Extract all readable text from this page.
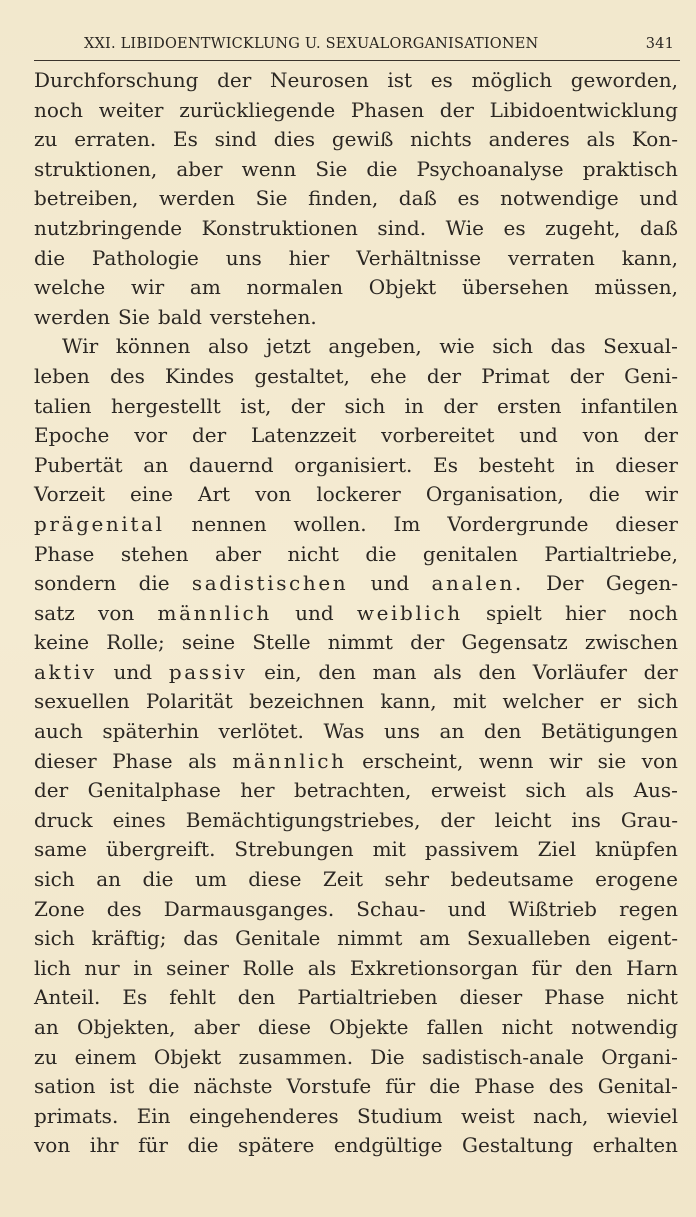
XXI. LIBIDOENTWICKLUNG U. SEXUALORGANISATIONEN	341
Durchforschung der Neurosen ist es möglich geworden,
noch weiter zurückliegende Phasen der Libidoentwicklung
zu erraten. Es sind dies gewiß nichts anderes als Kon-
struktionen, aber wenn Sie die Psychoanalyse praktisch
betreiben, werden Sie finden, daß es notwendige und
nutzbringende Konstruktionen sind. Wie es zugeht, daß
die Pathologie uns hier Verhältnisse verraten kann,
welche wir am normalen Objekt übersehen müssen,
werden Sie bald verstehen.
Wir können also jetzt angeben, wie sich das Sexual-
leben des Kindes gestaltet, ehe der Primat der Geni-
talien hergestellt ist, der sich in der ersten infantilen
Epoche vor der Latenzzeit vorbereitet und von der
Pubertät an dauernd organisiert. Es besteht in dieser
Vorzeit eine Art von lockerer Organisation, die wir
prägenital nennen wollen. Im Vordergrunde dieser
Phase stehen aber nicht die genitalen Partialtriebe,
sondern die sadistischen und analen. Der Gegen-
satz von männlich und weiblich spielt hier noch
keine Rolle; seine Stelle nimmt der Gegensatz zwischen
aktiv und passiv ein, den man als den Vorläufer der
sexuellen Polarität bezeichnen kann, mit welcher er sich
auch späterhin verlötet. Was uns an den Betätigungen
dieser Phase als männlich erscheint, wenn wir sie von
der Genitalphase her betrachten, erweist sich als Aus-
druck eines Bemächtigungstriebes, der leicht ins Grau-
same übergreift. Strebungen mit passivem Ziel knüpfen
sich an die um diese Zeit sehr bedeutsame erogene
Zone des Darmausganges. Schau- und Wißtrieb regen
sich kräftig; das Genitale nimmt am Sexualleben eigent-
lich nur in seiner Rolle als Exkretionsorgan für den Harn
Anteil. Es fehlt den Partialtrieben dieser Phase nicht
an Objekten, aber diese Objekte fallen nicht notwendig
zu einem Objekt zusammen. Die sadistisch-anale Organi-
sation ist die nächste Vorstufe für die Phase des Genital-
primats. Ein eingehenderes Studium weist nach, wieviel
von ihr für die spätere endgültige Gestaltung erhalten
